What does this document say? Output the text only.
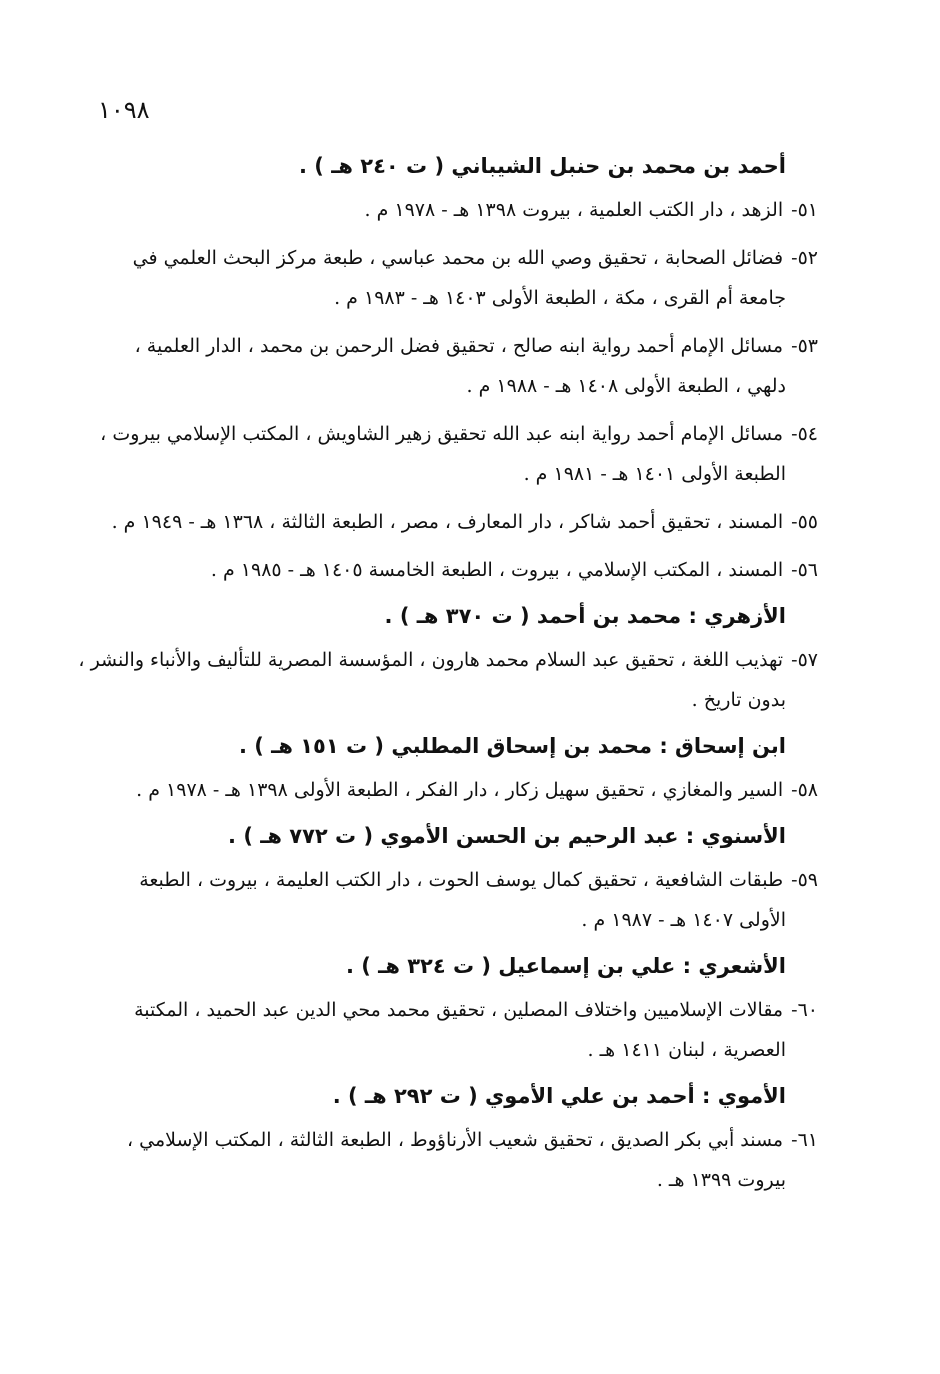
١٠٩٨
أحمد بن محمد بن حنبل الشيباني ( ت ٢٤٠ هـ ) .
٥١- الزهد ، دار الكتب العلمية ، بيروت ١٣٩٨ هـ - ١٩٧٨ م .
٥٢- فضائل الصحابة ، تحقيق وصي الله بن محمد عباسي ، طبعة مركز البحث العلمي في
جامعة أم القرى ، مكة ، الطبعة الأولى ١٤٠٣ هـ - ١٩٨٣ م .
٥٣- مسائل الإمام أحمد رواية ابنه صالح ، تحقيق فضل الرحمن بن محمد ، الدار العلمية ،
دلهي ، الطبعة الأولى ١٤٠٨ هـ - ١٩٨٨ م .
٥٤- مسائل الإمام أحمد رواية ابنه عبد الله تحقيق زهير الشاويش ، المكتب الإسلامي بيروت ،
الطبعة الأولى ١٤٠١ هـ - ١٩٨١ م .
٥٥- المسند ، تحقيق أحمد شاكر ، دار المعارف ، مصر ، الطبعة الثالثة ، ١٣٦٨ هـ - ١٩٤٩ م .
٥٦- المسند ، المكتب الإسلامي ، بيروت ، الطبعة الخامسة ١٤٠٥ هـ - ١٩٨٥ م .
الأزهري : محمد بن أحمد ( ت ٣٧٠ هـ ) .
٥٧- تهذيب اللغة ، تحقيق عبد السلام محمد هارون ، المؤسسة المصرية للتأليف والأنباء والنشر ،
بدون تاريخ .
ابن إسحاق : محمد بن إسحاق المطلبي ( ت ١٥١ هـ ) .
٥٨- السير والمغازي ، تحقيق سهيل زكار ، دار الفكر ، الطبعة الأولى ١٣٩٨ هـ - ١٩٧٨ م .
الأسنوي : عبد الرحيم بن الحسن الأموي ( ت ٧٧٢ هـ ) .
٥٩- طبقات الشافعية ، تحقيق كمال يوسف الحوت ، دار الكتب العليمة ، بيروت ، الطبعة
الأولى ١٤٠٧ هـ - ١٩٨٧ م .
الأشعري : علي بن إسماعيل ( ت ٣٢٤ هـ ) .
٦٠- مقالات الإسلاميين واختلاف المصلين ، تحقيق محمد محي الدين عبد الحميد ، المكتبة
العصرية ، لبنان ١٤١١ هـ .
الأموي : أحمد بن علي الأموي ( ت ٢٩٢ هـ ) .
٦١- مسند أبي بكر الصديق ، تحقيق شعيب الأرناؤوط ، الطبعة الثالثة ، المكتب الإسلامي ،
بيروت ١٣٩٩ هـ .
